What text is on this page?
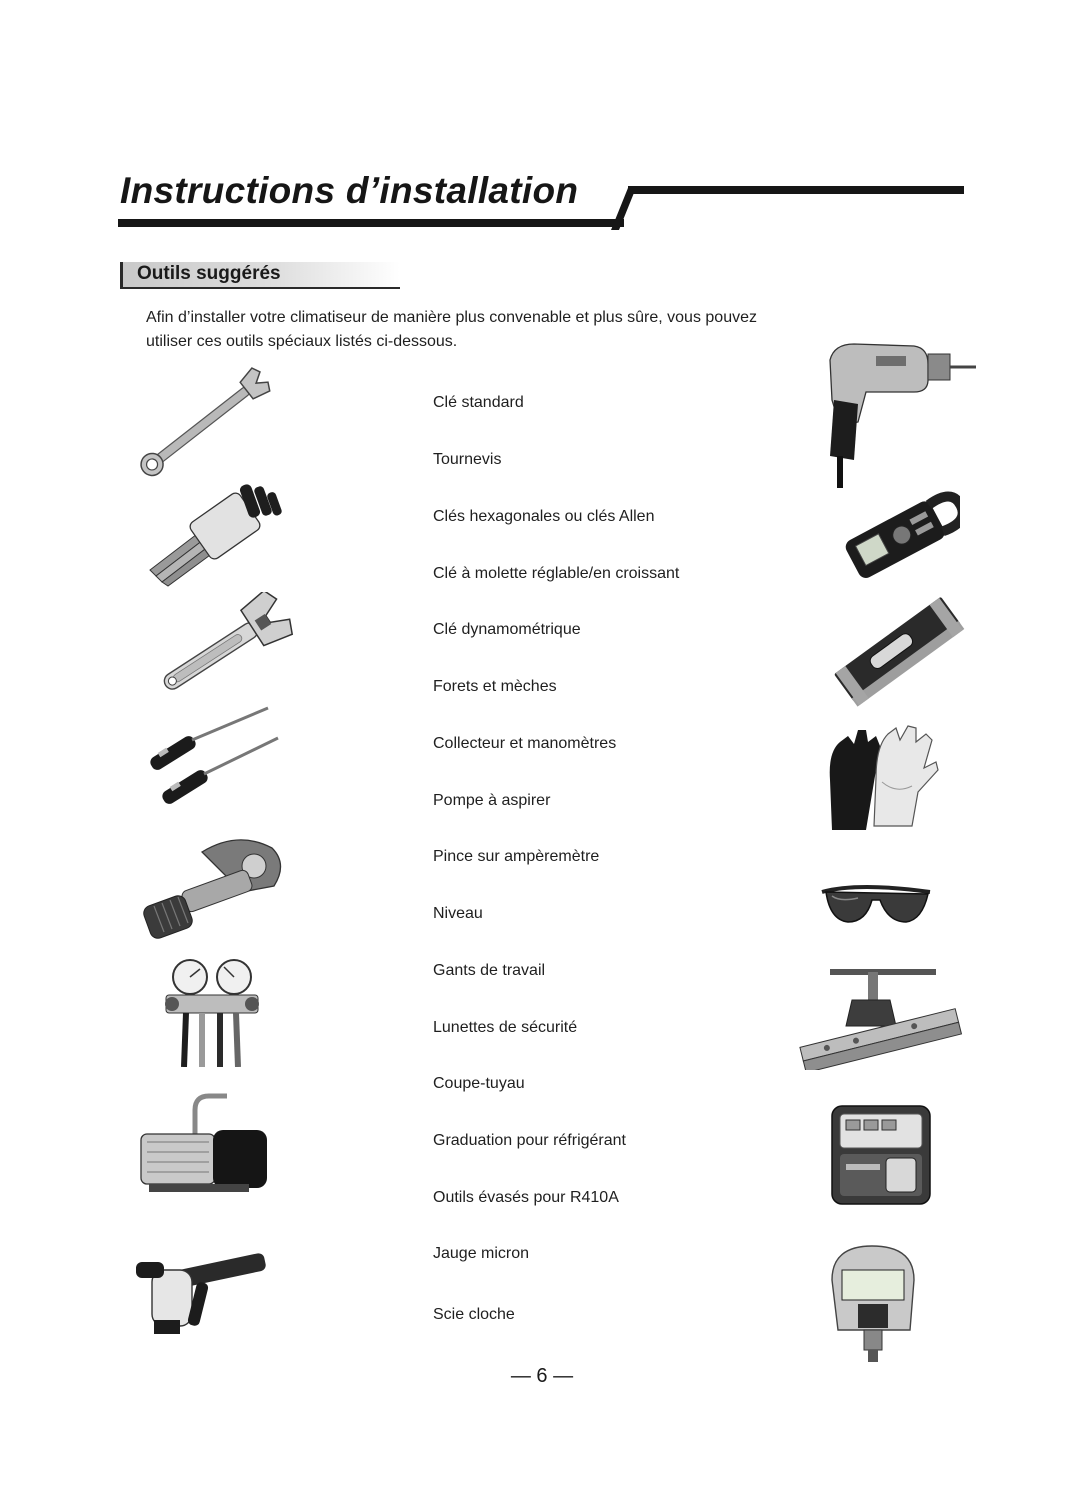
Instructions d’installation
Outils suggérés
Afin d’installer votre climatiseur de manière plus convenable et plus sûre, vous pouvez
utiliser ces outils spéciaux listés ci-dessous.
Clé standard
Tournevis
Clés hexagonales ou clés Allen
Clé à molette réglable/en croissant
Clé dynamométrique
Forets et mèches
Collecteur et manomètres
Pompe à aspirer
Pince sur ampèremètre
Niveau
Gants de travail
Lunettes de sécurité
Coupe-tuyau
Graduation pour réfrigérant
Outils évasés pour R410A
Jauge micron
Scie cloche
— 6 —
